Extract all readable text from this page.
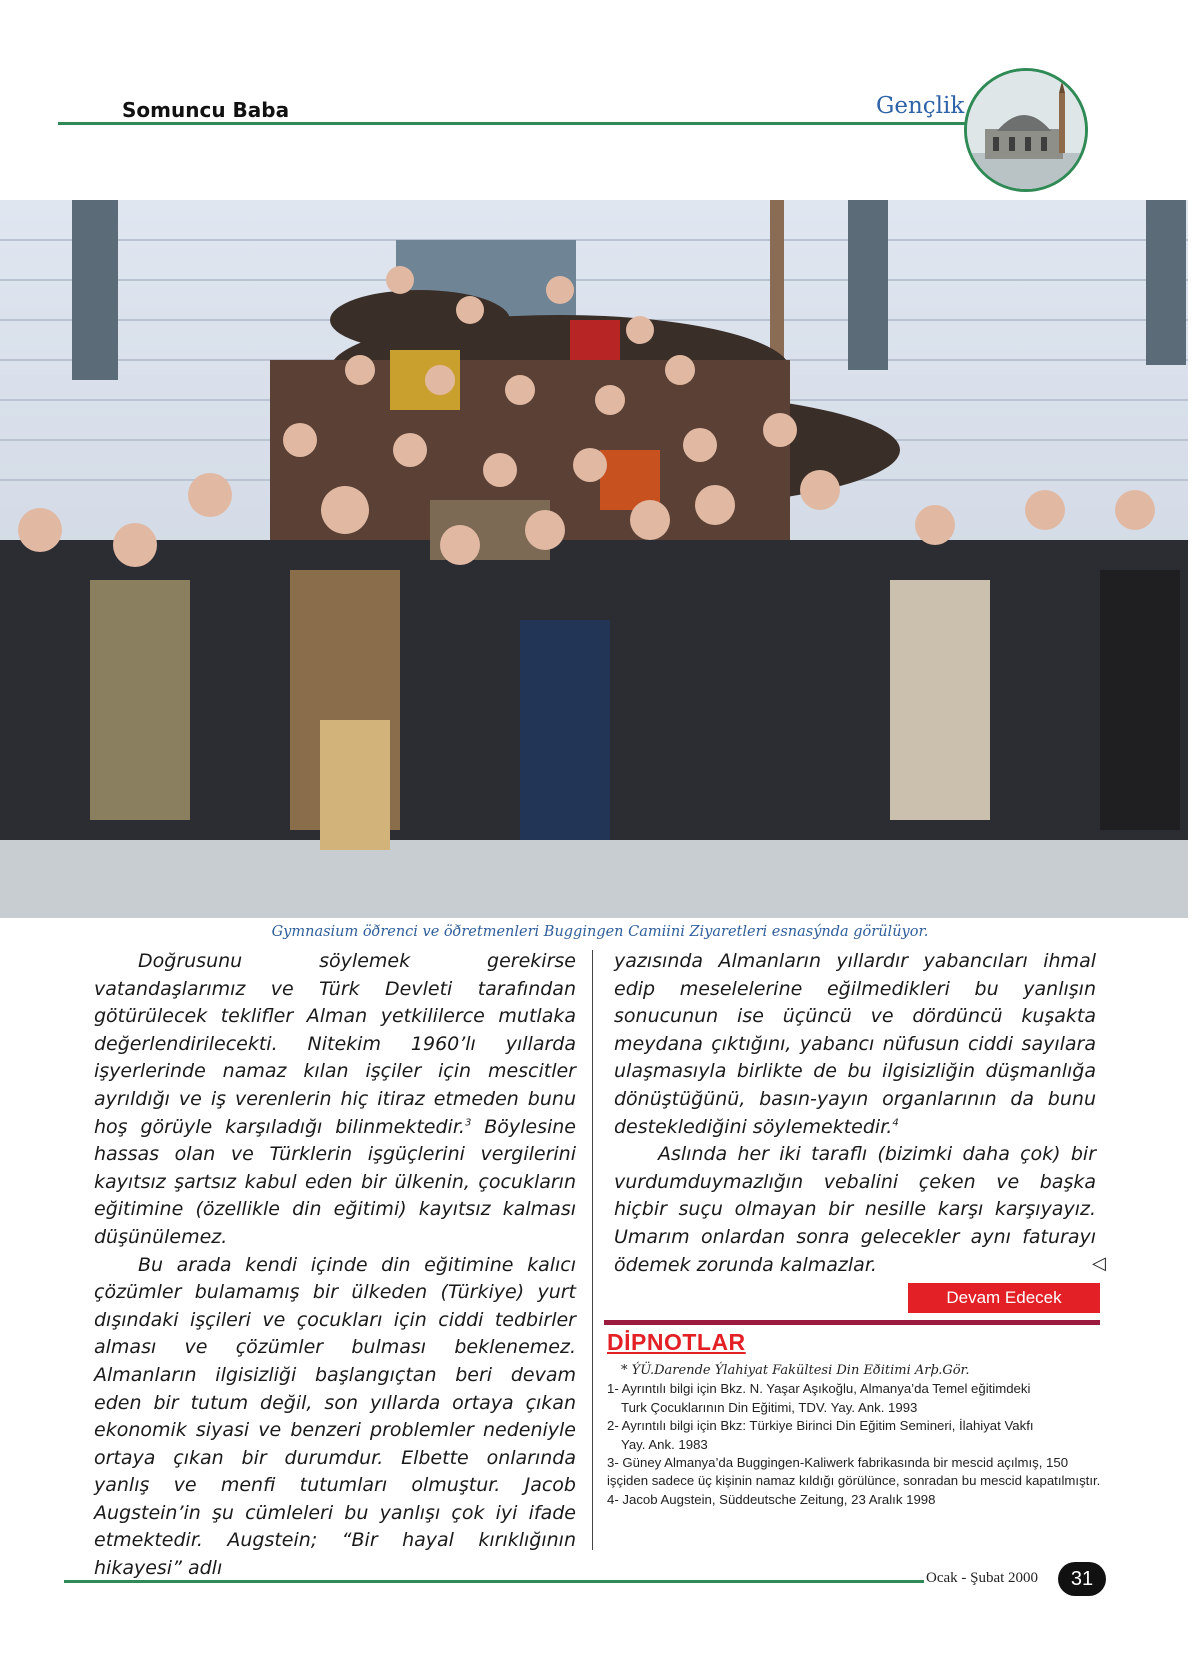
Somuncu Baba	Gençlik
Gymnasium öðrenci ve öðretmenleri Buggingen Camiini Ziyaretleri esnasýnda görülüyor.

Doğrusunu söylemek gerekirse vatandaşlarımız ve Türk Devleti tarafından götürülecek teklifler Alman yetkililerce mutlaka değerlendirilecekti. Nitekim 1960’lı yıllarda işyerlerinde namaz kılan işçiler için mescitler ayrıldığı ve iş verenlerin hiç itiraz etmeden bunu hoş görüyle karşıladığı bilinmektedir.$^3$ Böylesine hassas olan ve Türklerin işgüçlerini vergilerini kayıtsız şartsız kabul eden bir ülkenin, çocukların eğitimine (özellikle din eğitimi) kayıtsız kalması düşünülemez.

Bu arada kendi içinde din eğitimine kalıcı çözümler bulamamış bir ülkeden (Türkiye) yurt dışındaki işçileri ve çocukları için ciddi tedbirler alması ve çözümler bulması beklenemez. Almanların ilgisizliği başlangıçtan beri devam eden bir tutum değil, son yıllarda ortaya çıkan ekonomik siyasi ve benzeri problemler nedeniyle ortaya çıkan bir durumdur. Elbette onlarında yanlış ve menfi tutumları olmuştur. Jacob Augstein’in şu cümleleri bu yanlışı çok iyi ifade etmektedir. Augstein; “Bir hayal kırıklığının hikayesi” adlı

yazısında Almanların yıllardır yabancıları ihmal edip meselelerine eğilmedikleri bu yanlışın sonucunun ise üçüncü ve dördüncü kuşakta meydana çıktığını, yabancı nüfusun ciddi sayılara ulaşmasıyla birlikte de bu ilgisizliğin düşmanlığa dönüştüğünü, basın-yayın organlarının da bunu desteklediğini söylemektedir.$^4$

Aslında her iki taraflı (bizimki daha çok) bir vurdumduymazlığın vebalini çeken ve başka hiçbir suçu olmayan bir nesille karşı karşıyayız. Umarım onlardan sonra gelecekler aynı faturayı ödemek zorunda kalmazlar.	◁
Devam Edecek
DİPNOTLAR
* ÝÜ.Darende Ýlahiyat Fakültesi Din Eðitimi Arþ.Gör.
1- Ayrıntılı bilgi için Bkz. N. Yaşar Aşıkoğlu, Almanya’da Temel eğitimdeki
Turk Çocuklarının Din Eğitimi, TDV. Yay. Ank. 1993
2- Ayrıntılı bilgi için Bkz: Türkiye Birinci Din Eğitim Semineri, İlahiyat Vakfı
Yay. Ank. 1983
3- Güney Almanya’da Buggingen-Kaliwerk fabrikasında bir mescid açılmış, 150 işçiden sadece üç kişinin namaz kıldığı görülünce, sonradan bu mescid kapatılmıştır.
4- Jacob Augstein, Süddeutsche Zeitung, 23 Aralık 1998
Ocak - Şubat 2000	31
